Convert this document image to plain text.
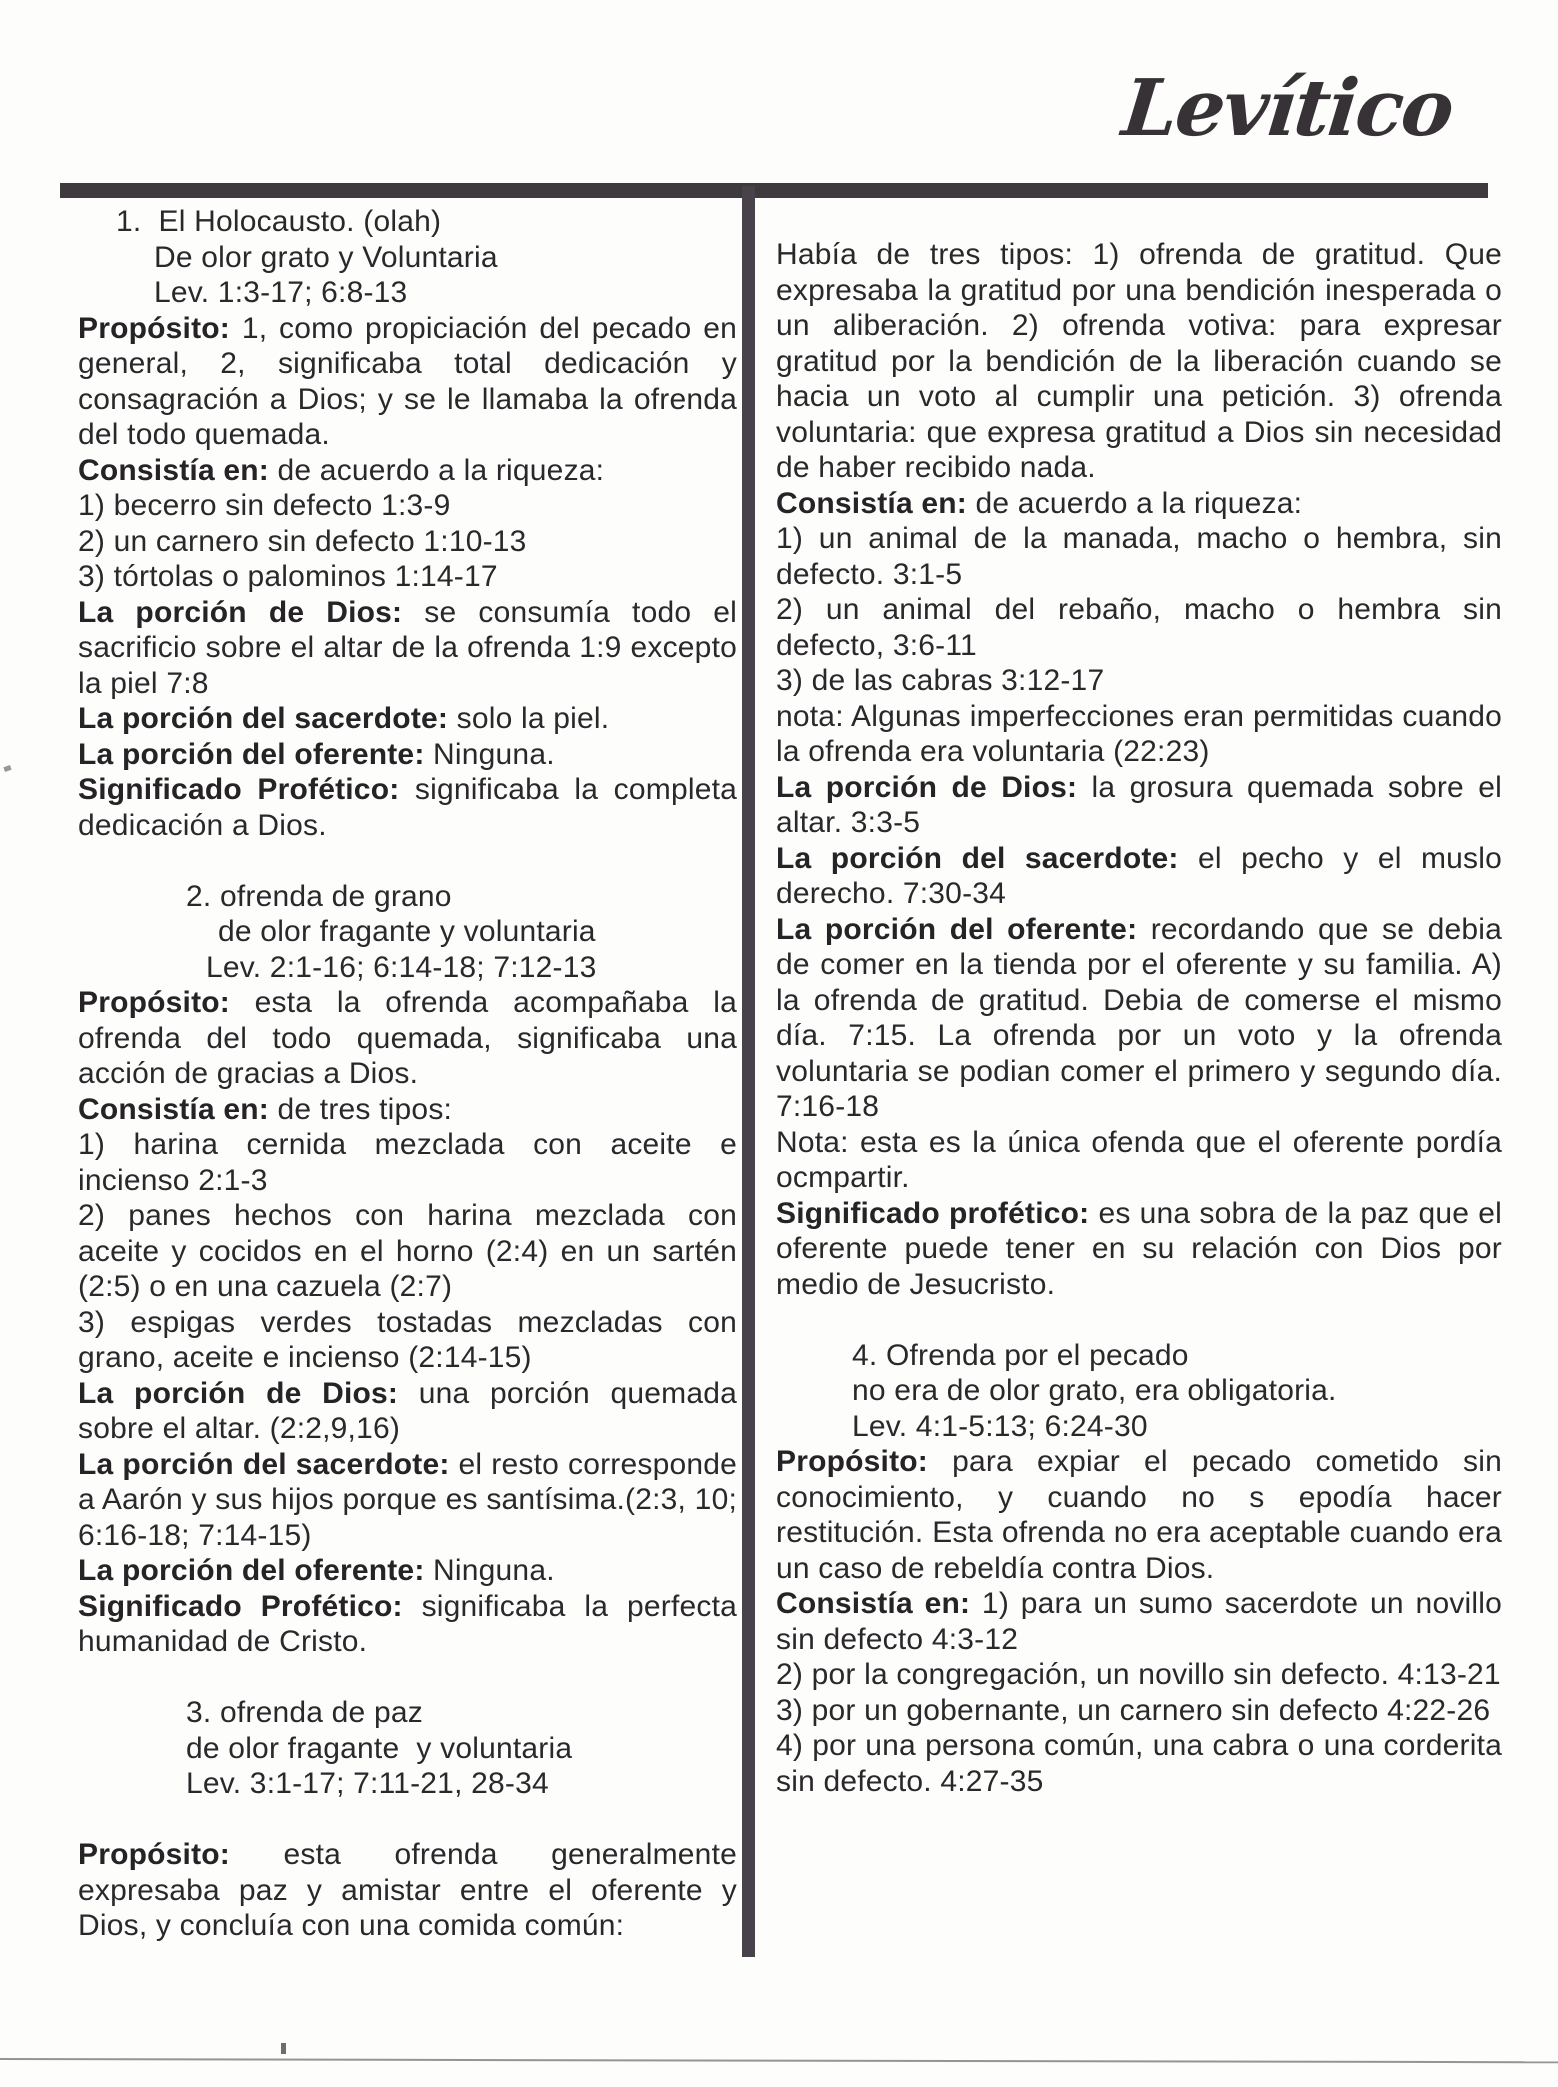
Levítico
1.  El Holocausto. (olah)
De olor grato y Voluntaria
Lev. 1:3-17; 6:8-13
Propósito: 1, como propiciación del pecado en general, 2, significaba total dedicación y consagración a Dios; y se le llamaba la ofrenda del todo quemada.
Consistía en: de acuerdo a la riqueza:
1) becerro sin defecto 1:3-9
2) un carnero sin defecto 1:10-13
3) tórtolas o palominos 1:14-17
La porción de Dios: se consumía todo el sacrificio sobre el altar de la ofrenda 1:9 excepto la piel 7:8
La porción del sacerdote: solo la piel.
La porción del oferente: Ninguna.
Significado Profético: significaba la completa dedicación a Dios.
2. ofrenda de grano
de olor fragante y voluntaria
Lev. 2:1-16; 6:14-18; 7:12-13
Propósito: esta la ofrenda acompañaba la ofrenda del todo quemada, significaba una acción de gracias a Dios.
Consistía en: de tres tipos:
1) harina cernida mezclada con aceite e incienso 2:1-3
2) panes hechos con harina mezclada con aceite y cocidos en el horno (2:4) en un sartén (2:5) o en una cazuela (2:7)
3) espigas verdes tostadas mezcladas con grano, aceite e incienso (2:14-15)
La porción de Dios: una porción quemada sobre el altar. (2:2,9,16)
La porción del sacerdote: el resto corresponde a Aarón y sus hijos porque es santísima.(2:3, 10; 6:16-18; 7:14-15)
La porción del oferente: Ninguna.
Significado Profético: significaba la perfecta humanidad de Cristo.
3. ofrenda de paz
de olor fragante  y voluntaria
Lev. 3:1-17; 7:11-21, 28-34
Propósito: esta ofrenda generalmente expresaba paz y amistar entre el oferente y Dios, y concluía con una comida común:
Había de tres tipos: 1) ofrenda de gratitud. Que expresaba la gratitud por una bendición inesperada o un aliberación. 2) ofrenda votiva: para expresar gratitud por la bendición de la liberación cuando se hacia un voto al cumplir una petición. 3) ofrenda voluntaria: que expresa gratitud a Dios sin necesidad de haber recibido nada.
Consistía en: de acuerdo a la riqueza:
1) un animal de la manada, macho o hembra, sin defecto. 3:1-5
2) un animal del rebaño, macho o hembra sin defecto, 3:6-11
3) de las cabras 3:12-17
nota: Algunas imperfecciones eran permitidas cuando la ofrenda era voluntaria (22:23)
La porción de Dios: la grosura quemada sobre el altar. 3:3-5
La porción del sacerdote: el pecho y el muslo derecho. 7:30-34
La porción del oferente: recordando que se debia de comer en la tienda por el oferente y su familia. A) la ofrenda de gratitud. Debia de comerse el mismo día. 7:15. La ofrenda por un voto y la ofrenda voluntaria se podian comer el primero y segundo día. 7:16-18
Nota: esta es la única ofenda que el oferente pordía ocmpartir.
Significado profético: es una sobra de la paz que el oferente puede tener en su relación con Dios por medio de Jesucristo.
4. Ofrenda por el pecado
no era de olor grato, era obligatoria.
Lev. 4:1-5:13; 6:24-30
Propósito: para expiar el pecado cometido sin conocimiento, y cuando no s epodía hacer restitución. Esta ofrenda no era aceptable cuando era un caso de rebeldía contra Dios.
Consistía en: 1) para un sumo sacerdote un novillo sin defecto 4:3-12
2) por la congregación, un novillo sin defecto. 4:13-21
3) por un gobernante, un carnero sin defecto 4:22-26
4) por una persona común, una cabra o una corderita sin defecto. 4:27-35
